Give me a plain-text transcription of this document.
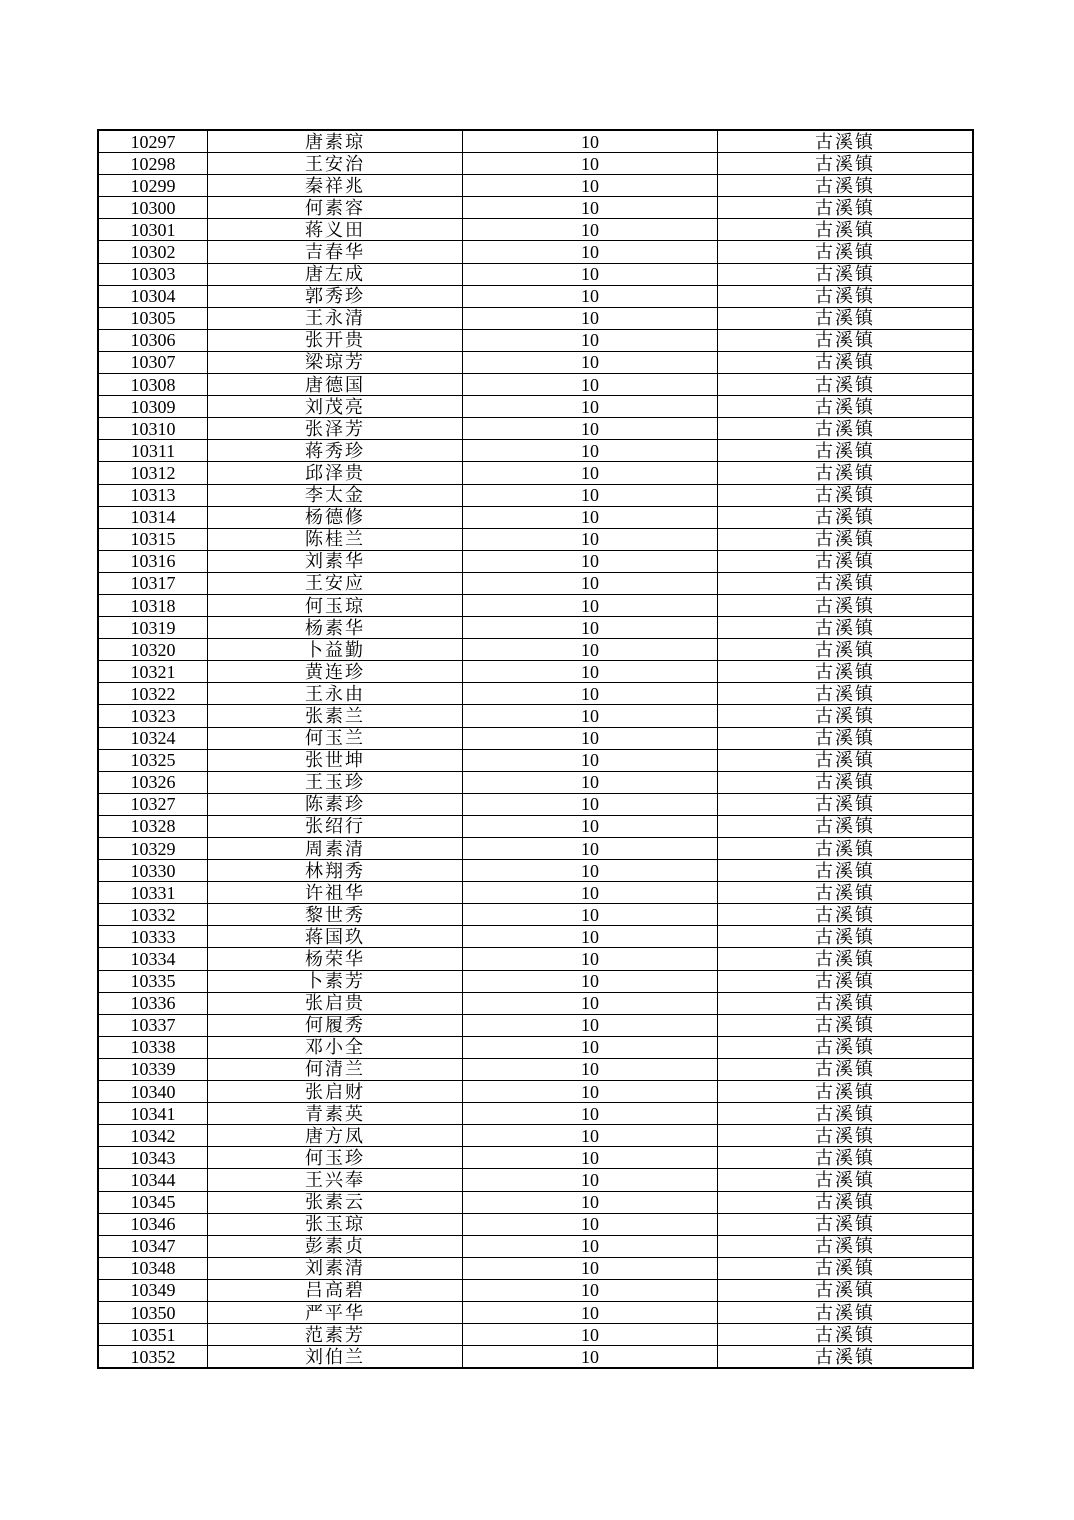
10297	唐素琼	10	古溪镇
10298	王安治	10	古溪镇
10299	秦祥兆	10	古溪镇
10300	何素容	10	古溪镇
10301	蒋义田	10	古溪镇
10302	吉春华	10	古溪镇
10303	唐左成	10	古溪镇
10304	郭秀珍	10	古溪镇
10305	王永清	10	古溪镇
10306	张开贵	10	古溪镇
10307	梁琼芳	10	古溪镇
10308	唐德国	10	古溪镇
10309	刘茂亮	10	古溪镇
10310	张泽芳	10	古溪镇
10311	蒋秀珍	10	古溪镇
10312	邱泽贵	10	古溪镇
10313	李太金	10	古溪镇
10314	杨德修	10	古溪镇
10315	陈桂兰	10	古溪镇
10316	刘素华	10	古溪镇
10317	王安应	10	古溪镇
10318	何玉琼	10	古溪镇
10319	杨素华	10	古溪镇
10320	卜益勤	10	古溪镇
10321	黄连珍	10	古溪镇
10322	王永由	10	古溪镇
10323	张素兰	10	古溪镇
10324	何玉兰	10	古溪镇
10325	张世坤	10	古溪镇
10326	王玉珍	10	古溪镇
10327	陈素珍	10	古溪镇
10328	张绍行	10	古溪镇
10329	周素清	10	古溪镇
10330	林翔秀	10	古溪镇
10331	许祖华	10	古溪镇
10332	黎世秀	10	古溪镇
10333	蒋国玖	10	古溪镇
10334	杨荣华	10	古溪镇
10335	卜素芳	10	古溪镇
10336	张启贵	10	古溪镇
10337	何履秀	10	古溪镇
10338	邓小全	10	古溪镇
10339	何清兰	10	古溪镇
10340	张启财	10	古溪镇
10341	青素英	10	古溪镇
10342	唐方凤	10	古溪镇
10343	何玉珍	10	古溪镇
10344	王兴奉	10	古溪镇
10345	张素云	10	古溪镇
10346	张玉琼	10	古溪镇
10347	彭素贞	10	古溪镇
10348	刘素清	10	古溪镇
10349	吕高碧	10	古溪镇
10350	严平华	10	古溪镇
10351	范素芳	10	古溪镇
10352	刘伯兰	10	古溪镇
